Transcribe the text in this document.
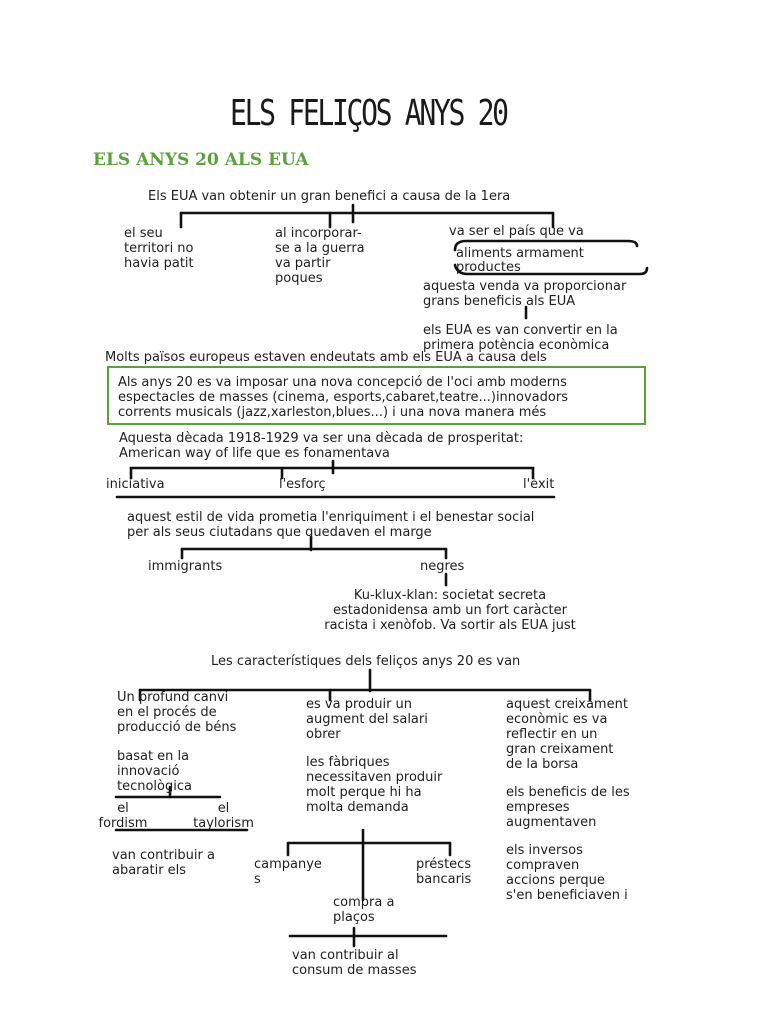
ELS FELIÇOS ANYS 20
ELS ANYS 20 ALS EUA
Els EUA van obtenir un gran benefici a causa de la 1era
el seu
territori no
havia patit
al incorporar-
se a la guerra
va partir
poques
va ser el país que va
aliments armament
productes
aquesta venda va proporcionar
grans beneficis als EUA
els EUA es van convertir en la
primera potència econòmica
Molts països europeus estaven endeutats amb els EUA a causa dels
Als anys 20 es va imposar una nova concepció de l'oci amb moderns
espectacles de masses (cinema, esports,cabaret,teatre...)innovadors
corrents musicals (jazz,xarleston,blues...) i una nova manera més
Aquesta dècada 1918-1929 va ser una dècada de prosperitat:
American way of life que es fonamentava
iniciativa	l'esforç	l'èxit
aquest estil de vida prometia l'enriquiment i el benestar social
per als seus ciutadans que quedaven el marge
immigrants	negres
Ku-klux-klan: societat secreta
estadonidensa amb un fort caràcter
racista i xenòfob. Va sortir als EUA just
Les característiques dels feliços anys 20 es van
Un profund canvi
en el procés de
producció de béns
basat en la
innovació
tecnològica
el
fordism
el
taylorism
van contribuir a
abaratir els
es va produir un
augment del salari
obrer
les fàbriques
necessitaven produir
molt perque hi ha
molta demanda
campanye
s
préstecs
bancaris
compra a
plaços
van contribuir al
consum de masses
aquest creixament
econòmic es va
reflectir en un
gran creixament
de la borsa
els beneficis de les
empreses
augmentaven
els inversos
compraven
accions perque
s'en beneficiaven i
